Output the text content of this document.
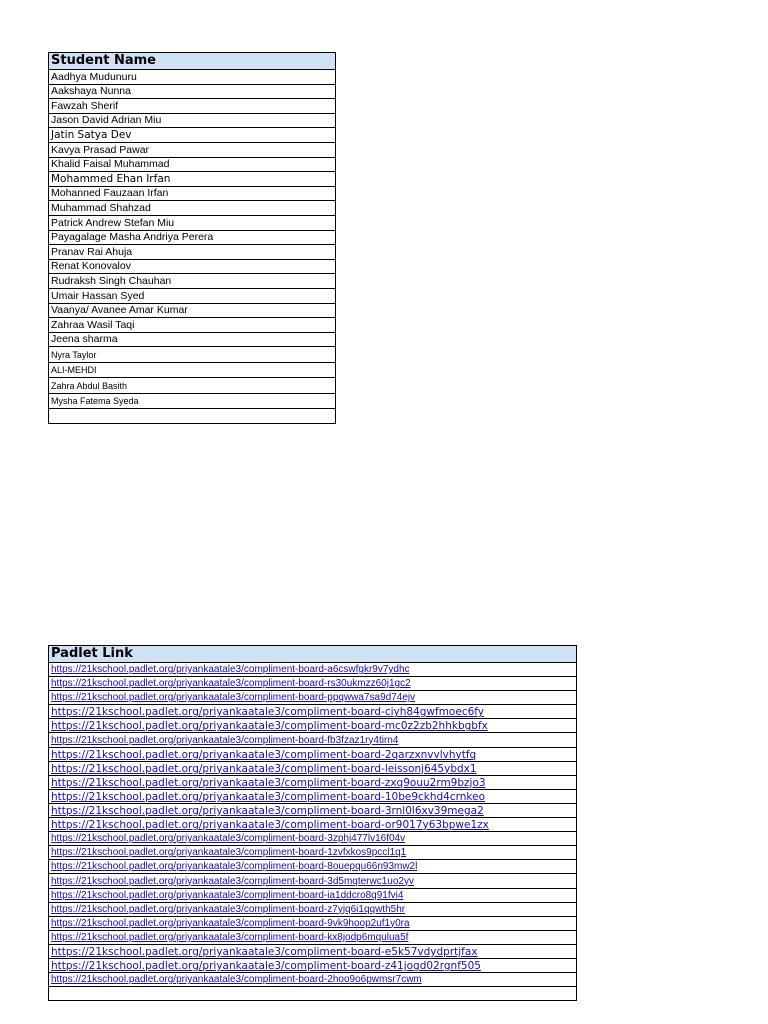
Student Name
Aadhya Mudunuru
Aakshaya Nunna
Fawzah Sherif
Jason David Adrian Miu
Jatin Satya Dev
Kavya Prasad Pawar
Khalid Faisal Muhammad
Mohammed Ehan Irfan
Mohanned Fauzaan Irfan
Muhammad Shahzad
Patrick Andrew Stefan Miu
Payagalage Masha Andriya Perera
Pranav Rai Ahuja
Renat Konovalov
Rudraksh Singh Chauhan
Umair Hassan Syed
Vaanya/ Avanee Amar Kumar
Zahraa Wasil Taqi
Jeena sharma
Nyra Taylor
ALI-MEHDI
Zahra Abdul Basith
Mysha Fatema Syeda

Padlet Link
https://21kschool.padlet.org/priyankaatale3/compliment-board-a6cswfgkr9v7ydhc
https://21kschool.padlet.org/priyankaatale3/compliment-board-rs30ukmzz60j1gc2
https://21kschool.padlet.org/priyankaatale3/compliment-board-ppqwwa7sa9d74ejv
https://21kschool.padlet.org/priyankaatale3/compliment-board-ciyh84gwfmoec6fy
https://21kschool.padlet.org/priyankaatale3/compliment-board-mc0z2zb2hhkbgbfx
https://21kschool.padlet.org/priyankaatale3/compliment-board-fb3fzaz1ry4tirn4
https://21kschool.padlet.org/priyankaatale3/compliment-board-2qarzxnvvlvhytfq
https://21kschool.padlet.org/priyankaatale3/compliment-board-leissonj645ybdx1
https://21kschool.padlet.org/priyankaatale3/compliment-board-zxq9ouu2rm9bzjo3
https://21kschool.padlet.org/priyankaatale3/compliment-board-10be9ckhd4crnkeo
https://21kschool.padlet.org/priyankaatale3/compliment-board-3rnl0l6xv39mega2
https://21kschool.padlet.org/priyankaatale3/compliment-board-or9017y63bpwe1zx
https://21kschool.padlet.org/priyankaatale3/compliment-board-3zphj477lv16f04v
https://21kschool.padlet.org/priyankaatale3/compliment-board-1zvfxkos9pccl1q1
https://21kschool.padlet.org/priyankaatale3/compliment-board-8ouepqu66n93mw2l
https://21kschool.padlet.org/priyankaatale3/compliment-board-3d5mqterwc1uo2yv
https://21kschool.padlet.org/priyankaatale3/compliment-board-ia1ddcro8q91fvi4
https://21kschool.padlet.org/priyankaatale3/compliment-board-z7yjq6i1qqwth5hr
https://21kschool.padlet.org/priyankaatale3/compliment-board-9vk9hoop2uf1y0ra
https://21kschool.padlet.org/priyankaatale3/compliment-board-kx8jodp6mqulua5f
https://21kschool.padlet.org/priyankaatale3/compliment-board-e5k57vdydprtjfax
https://21kschool.padlet.org/priyankaatale3/compliment-board-z41jogd02rgnf505
https://21kschool.padlet.org/priyankaatale3/compliment-board-2hoo9o6pwmsr7cwm
